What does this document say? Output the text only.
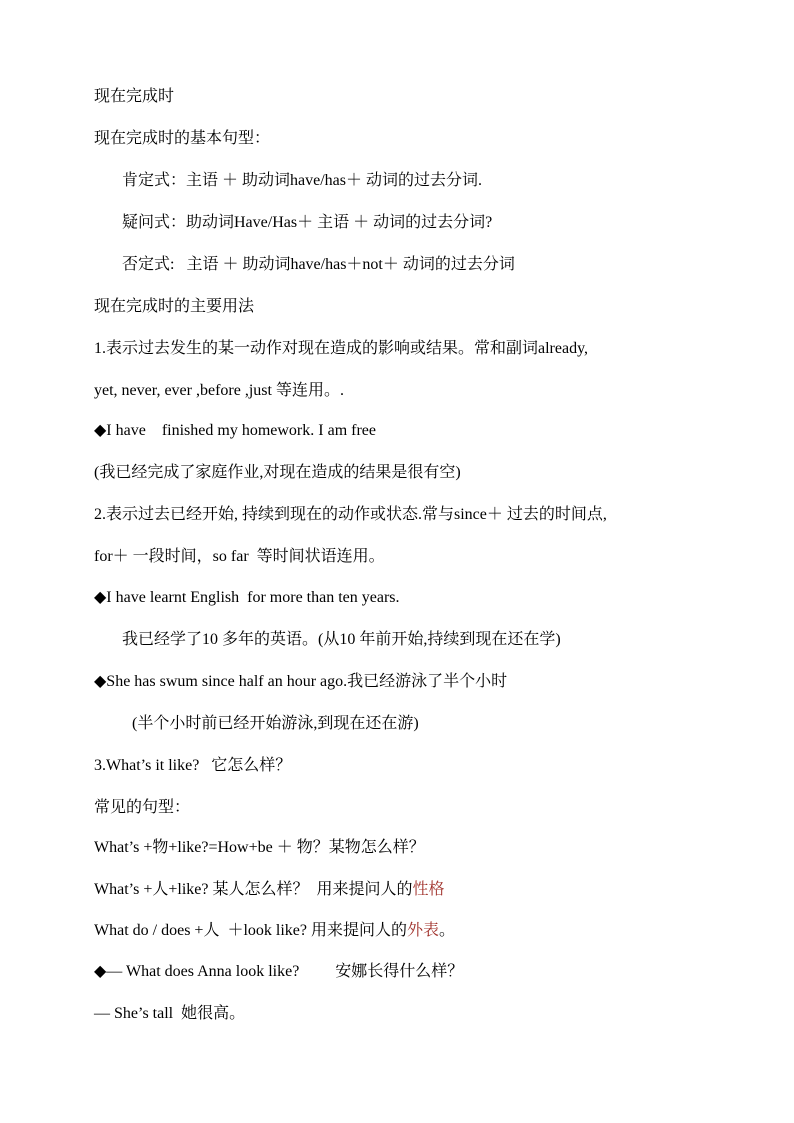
现在完成时
现在完成时的基本句型：
肯定式：主语 ＋ 助动词have/has＋ 动词的过去分词.
疑问式：助动词Have/Has＋ 主语 ＋ 动词的过去分词?
否定式:   主语 ＋ 助动词have/has＋not＋ 动词的过去分词
现在完成时的主要用法
1.表示过去发生的某一动作对现在造成的影响或结果。常和副词already,
yet, never, ever ,before ,just 等连用。.
◆I have    finished my homework. I am free
(我已经完成了家庭作业,对现在造成的结果是很有空)
2.表示过去已经开始, 持续到现在的动作或状态.常与since＋ 过去的时间点,
for＋ 一段时间，so far  等时间状语连用。
◆I have learnt English  for more than ten years.
我已经学了10 多年的英语。(从10 年前开始,持续到现在还在学)
◆She has swum since half an hour ago.我已经游泳了半个小时
(半个小时前已经开始游泳,到现在还在游)
3.What’s it like?   它怎么样？
常见的句型：
What’s +物+like?=How+be ＋ 物？某物怎么样？
What’s +人+like? 某人怎么样？  用来提问人的性格
What do / does +人  ＋look like? 用来提问人的外表。
◆— What does Anna look like?         安娜长得什么样？
— She’s tall  她很高。
